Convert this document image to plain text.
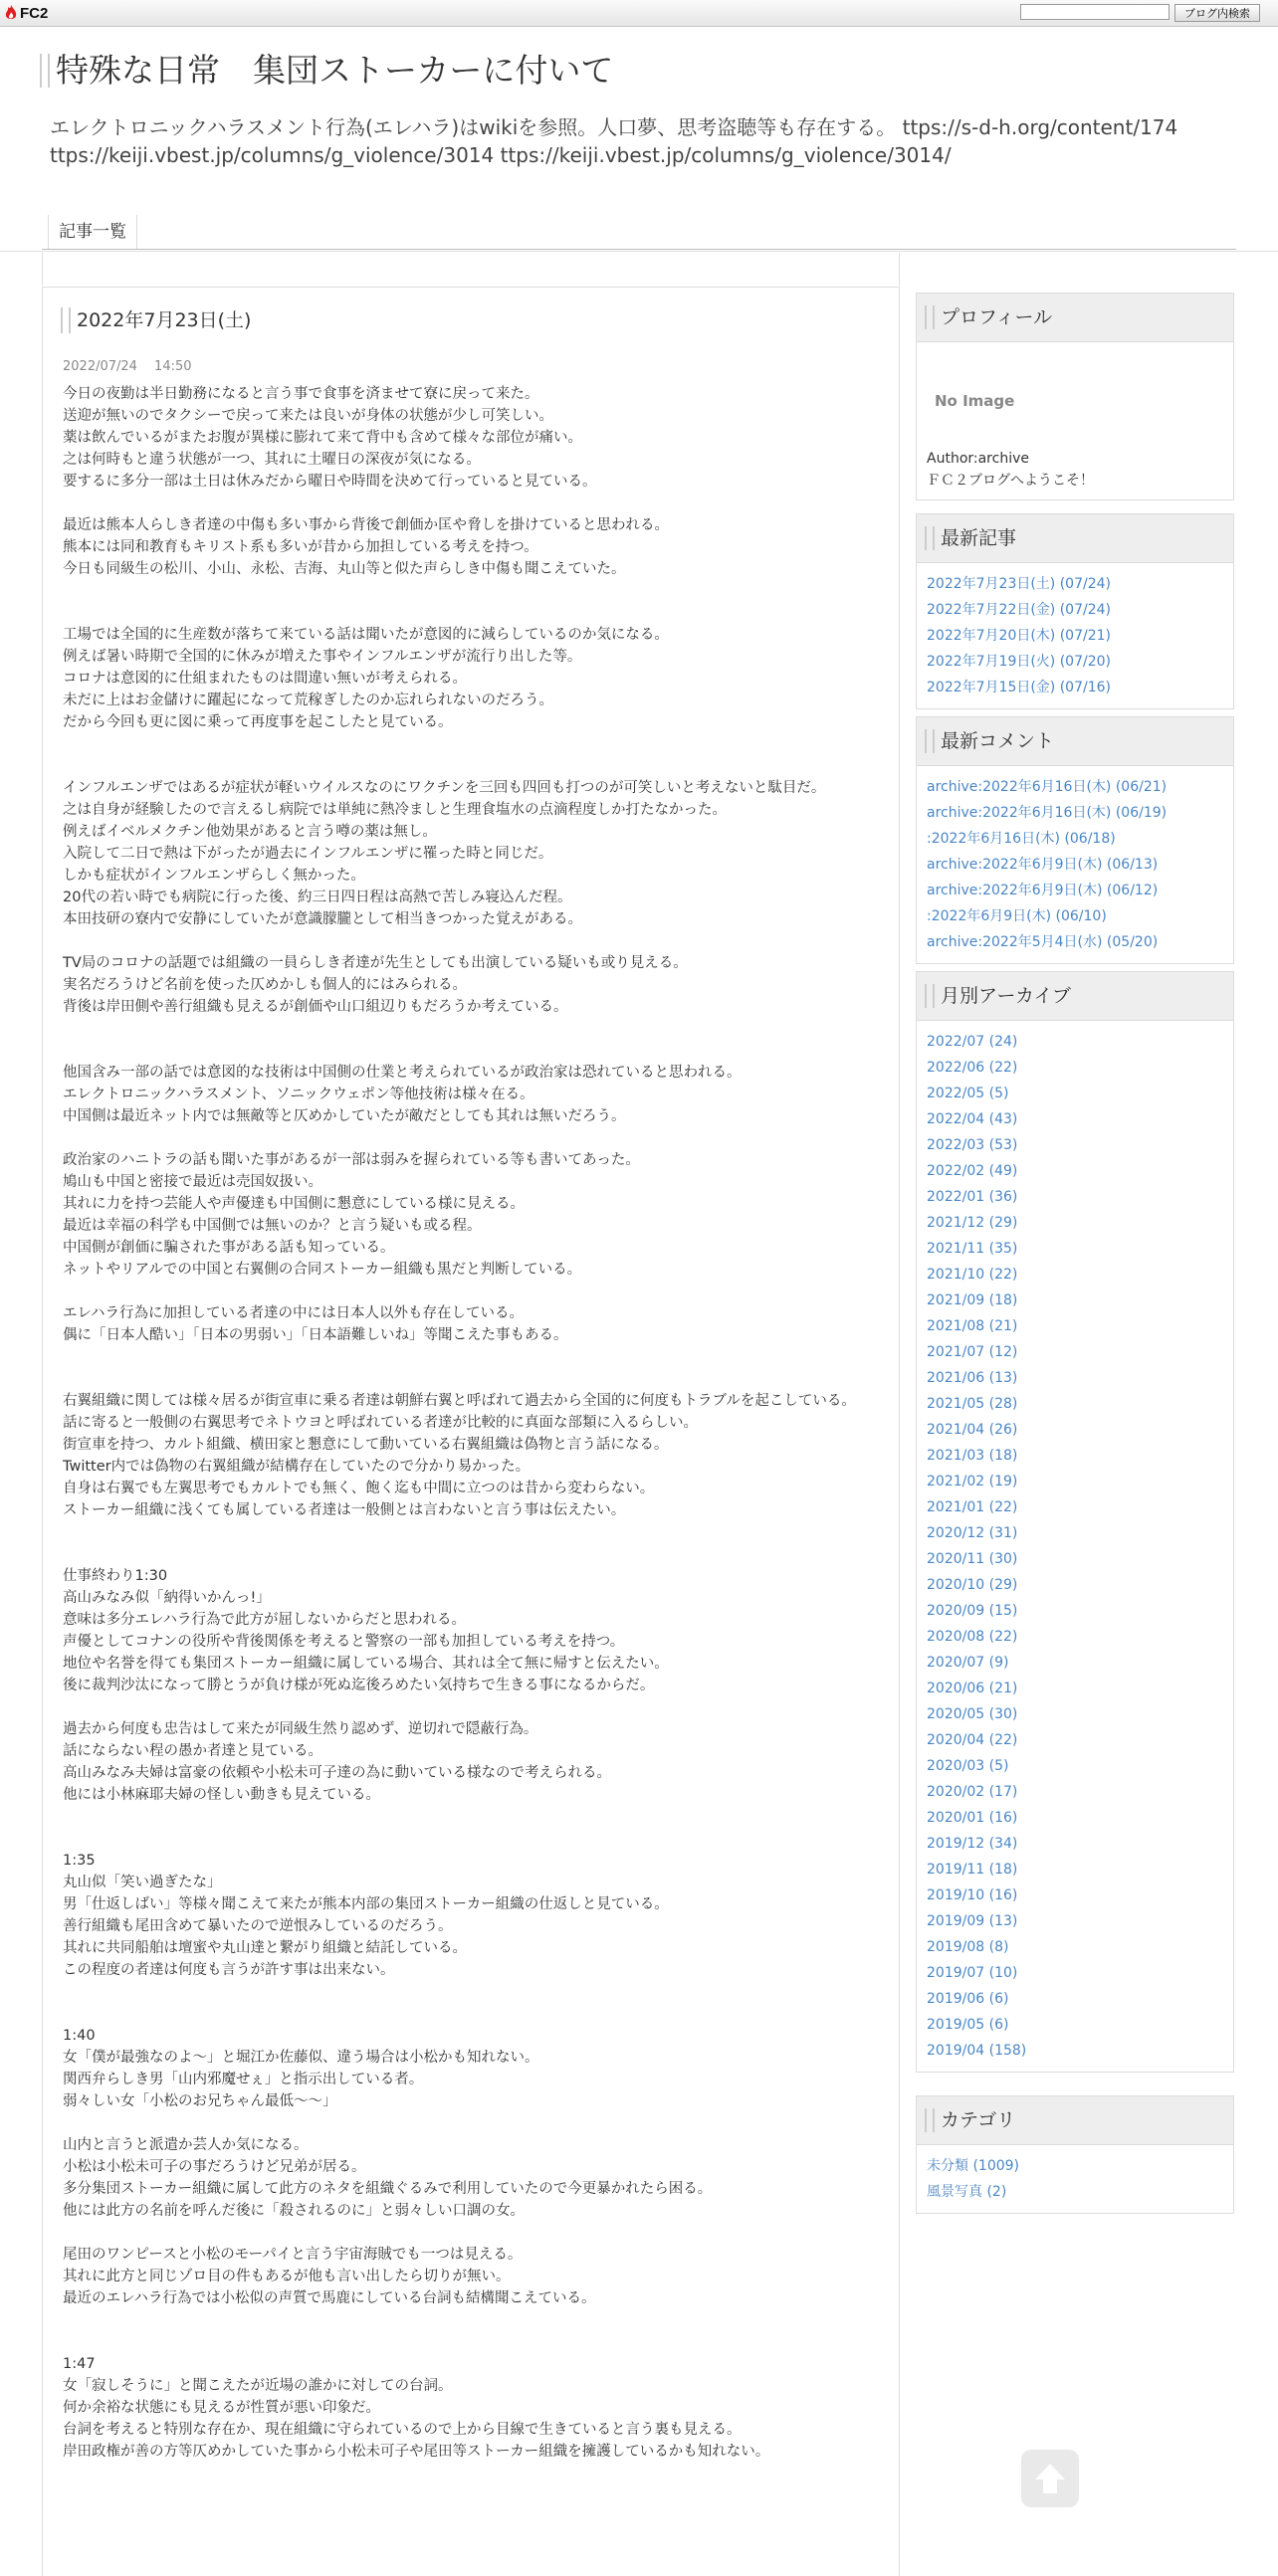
FC2	ブログ内検索
特殊な日常　集団ストーカーに付いて
エレクトロニックハラスメント行為(エレハラ)はwikiを参照。人口夢、思考盗聴等も存在する。 ttps://s-d-h.org/content/174 ttps://keiji.vbest.jp/columns/g_violence/3014 ttps://keiji.vbest.jp/columns/g_violence/3014/
記事一覧
2022年7月23日(土)
2022/07/24　 14:50

今日の夜勤は半日勤務になると言う事で食事を済ませて寮に戻って来た。

送迎が無いのでタクシーで戻って来たは良いが身体の状態が少し可笑しい。

薬は飲んでいるがまたお腹が異様に膨れて来て背中も含めて様々な部位が痛い。

之は何時もと違う状態が一つ、其れに土曜日の深夜が気になる。

要するに多分一部は土日は休みだから曜日や時間を決めて行っていると見ている。

最近は熊本人らしき者達の中傷も多い事から背後で創価か匡や脅しを掛けていると思われる。

熊本には同和教育もキリスト系も多いが昔から加担している考えを持つ。

今日も同級生の松川、小山、永松、吉海、丸山等と似た声らしき中傷も聞こえていた。

工場では全国的に生産数が落ちて来ている話は聞いたが意図的に減らしているのか気になる。

例えば暑い時期で全国的に休みが増えた事やインフルエンザが流行り出した等。

コロナは意図的に仕組まれたものは間違い無いが考えられる。

未だに上はお金儲けに躍起になって荒稼ぎしたのか忘れられないのだろう。

だから今回も更に図に乗って再度事を起こしたと見ている。

インフルエンザではあるが症状が軽いウイルスなのにワクチンを三回も四回も打つのが可笑しいと考えないと駄目だ。

之は自身が経験したので言えるし病院では単純に熱冷ましと生理食塩水の点滴程度しか打たなかった。

例えばイベルメクチン他効果があると言う噂の薬は無し。

入院して二日で熱は下がったが過去にインフルエンザに罹った時と同じだ。

しかも症状がインフルエンザらしく無かった。

20代の若い時でも病院に行った後、約三日四日程は高熱で苦しみ寝込んだ程。

本田技研の寮内で安静にしていたが意識朦朧として相当きつかった覚えがある。

TV局のコロナの話題では組織の一員らしき者達が先生としても出演している疑いも或り見える。

実名だろうけど名前を使った仄めかしも個人的にはみられる。

背後は岸田側や善行組織も見えるが創価や山口組辺りもだろうか考えている。

他国含み一部の話では意図的な技術は中国側の仕業と考えられているが政治家は恐れていると思われる。

エレクトロニックハラスメント、ソニックウェポン等他技術は様々在る。

中国側は最近ネット内では無敵等と仄めかしていたが敵だとしても其れは無いだろう。

政治家のハニトラの話も聞いた事があるが一部は弱みを握られている等も書いてあった。

鳩山も中国と密接で最近は売国奴扱い。

其れに力を持つ芸能人や声優達も中国側に懇意にしている様に見える。

最近は幸福の科学も中国側では無いのか？と言う疑いも或る程。

中国側が創価に騙された事がある話も知っている。

ネットやリアルでの中国と右翼側の合同ストーカー組織も黒だと判断している。

エレハラ行為に加担している者達の中には日本人以外も存在している。

偶に「日本人酷い」「日本の男弱い」「日本語難しいね」等聞こえた事もある。

右翼組織に関しては様々居るが街宣車に乗る者達は朝鮮右翼と呼ばれて過去から全国的に何度もトラブルを起こしている。

話に寄ると一般側の右翼思考でネトウヨと呼ばれている者達が比較的に真面な部類に入るらしい。

街宣車を持つ、カルト組織、横田家と懇意にして動いている右翼組織は偽物と言う話になる。

Twitter内では偽物の右翼組織が結構存在していたので分かり易かった。

自身は右翼でも左翼思考でもカルトでも無く、飽く迄も中間に立つのは昔から変わらない。

ストーカー組織に浅くても属している者達は一般側とは言わないと言う事は伝えたい。

仕事終わり1:30

高山みなみ似「納得いかんっ!」

意味は多分エレハラ行為で此方が屈しないからだと思われる。

声優としてコナンの役所や背後関係を考えると警察の一部も加担している考えを持つ。

地位や名誉を得ても集団ストーカー組織に属している場合、其れは全て無に帰すと伝えたい。

後に裁判沙汰になって勝とうが負け様が死ぬ迄後ろめたい気持ちで生きる事になるからだ。

過去から何度も忠告はして来たが同級生然り認めず、逆切れで隠蔽行為。

話にならない程の愚か者達と見ている。

高山みなみ夫婦は富豪の依頼や小松未可子達の為に動いている様なので考えられる。

他には小林麻耶夫婦の怪しい動きも見えている。

1:35

丸山似「笑い過ぎたな」

男「仕返しばい」等様々聞こえて来たが熊本内部の集団ストーカー組織の仕返しと見ている。

善行組織も尾田含めて暴いたので逆恨みしているのだろう。

其れに共同船舶は壇蜜や丸山達と繋がり組織と結託している。

この程度の者達は何度も言うが許す事は出来ない。

1:40

女「僕が最強なのよ～」と堀江か佐藤似、違う場合は小松かも知れない。

関西弁らしき男「山内邪魔せぇ」と指示出している者。

弱々しい女「小松のお兄ちゃん最低～～」

山内と言うと派遣か芸人か気になる。

小松は小松未可子の事だろうけど兄弟が居る。

多分集団ストーカー組織に属して此方のネタを組織ぐるみで利用していたので今更暴かれたら困る。

他には此方の名前を呼んだ後に「殺されるのに」と弱々しい口調の女。

尾田のワンピースと小松のモーパイと言う宇宙海賊でも一つは見える。

其れに此方と同じゾロ目の件もあるが他も言い出したら切りが無い。

最近のエレハラ行為では小松似の声質で馬鹿にしている台詞も結構聞こえている。

1:47

女「寂しそうに」と聞こえたが近場の誰かに対しての台詞。

何か余裕な状態にも見えるが性質が悪い印象だ。

台詞を考えると特別な存在か、現在組織に守られているので上から目線で生きていると言う裏も見える。

岸田政権が善の方等仄めかしていた事から小松未可子や尾田等ストーカー組織を擁護しているかも知れない。

プロフィール
No Image
Author:archive
ＦＣ２ブログへようこそ！
最新記事
2022年7月23日(土) (07/24)
2022年7月22日(金) (07/24)
2022年7月20日(木) (07/21)
2022年7月19日(火) (07/20)
2022年7月15日(金) (07/16)
最新コメント
archive:2022年6月16日(木) (06/21)
archive:2022年6月16日(木) (06/19)
:2022年6月16日(木) (06/18)
archive:2022年6月9日(木) (06/13)
archive:2022年6月9日(木) (06/12)
:2022年6月9日(木) (06/10)
archive:2022年5月4日(水) (05/20)
月別アーカイブ
2022/07 (24)
2022/06 (22)
2022/05 (5)
2022/04 (43)
2022/03 (53)
2022/02 (49)
2022/01 (36)
2021/12 (29)
2021/11 (35)
2021/10 (22)
2021/09 (18)
2021/08 (21)
2021/07 (12)
2021/06 (13)
2021/05 (28)
2021/04 (26)
2021/03 (18)
2021/02 (19)
2021/01 (22)
2020/12 (31)
2020/11 (30)
2020/10 (29)
2020/09 (15)
2020/08 (22)
2020/07 (9)
2020/06 (21)
2020/05 (30)
2020/04 (22)
2020/03 (5)
2020/02 (17)
2020/01 (16)
2019/12 (34)
2019/11 (18)
2019/10 (16)
2019/09 (13)
2019/08 (8)
2019/07 (10)
2019/06 (6)
2019/05 (6)
2019/04 (158)
カテゴリ
未分類 (1009)
風景写真 (2)
